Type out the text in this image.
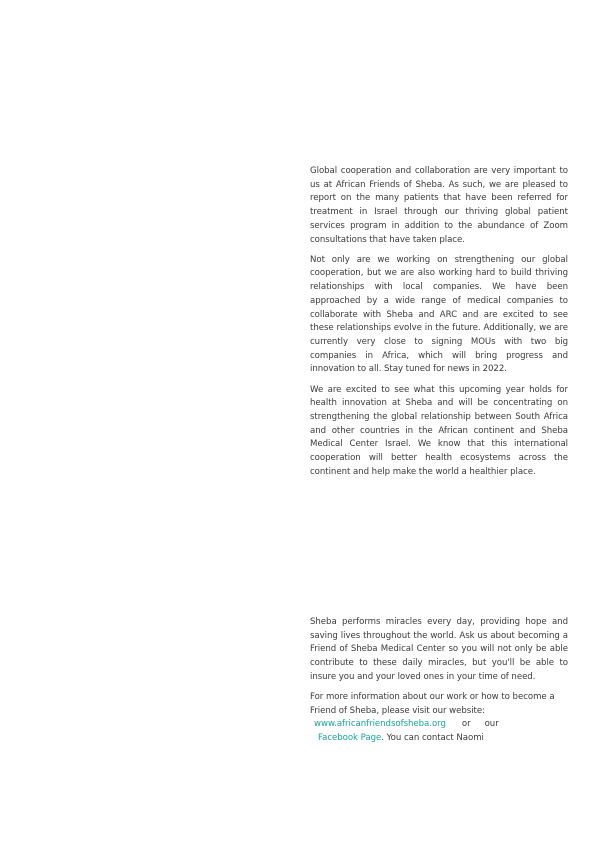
Global cooperation and collaboration are very important to us at African Friends of Sheba. As such, we are pleased to report on the many patients that have been referred for treatment in Israel through our thriving global patient services program in addition to the abundance of Zoom consultations that have taken place.

Not only are we working on strengthening our global cooperation, but we are also working hard to build thriving relationships with local companies. We have been approached by a wide range of medical companies to collaborate with Sheba and ARC and are excited to see these relationships evolve in the future. Additionally, we are currently very close to signing MOUs with two big companies in Africa, which will bring progress and innovation to all. Stay tuned for news in 2022.

We are excited to see what this upcoming year holds for health innovation at Sheba and will be concentrating on strengthening the global relationship between South Africa and other countries in the African continent and Sheba Medical Center Israel. We know that this international cooperation will better health ecosystems across the continent and help make the world a healthier place.

Sheba performs miracles every day, providing hope and saving lives throughout the world. Ask us about becoming a Friend of Sheba Medical Center so you will not only be able contribute to these daily miracles, but you'll be able to insure you and your loved ones in your time of need.

For more information about our work or how to become a Friend of Sheba, please visit our website:

www.africanfriendsofsheba.org or our
Facebook Page. You can contact Naomi
